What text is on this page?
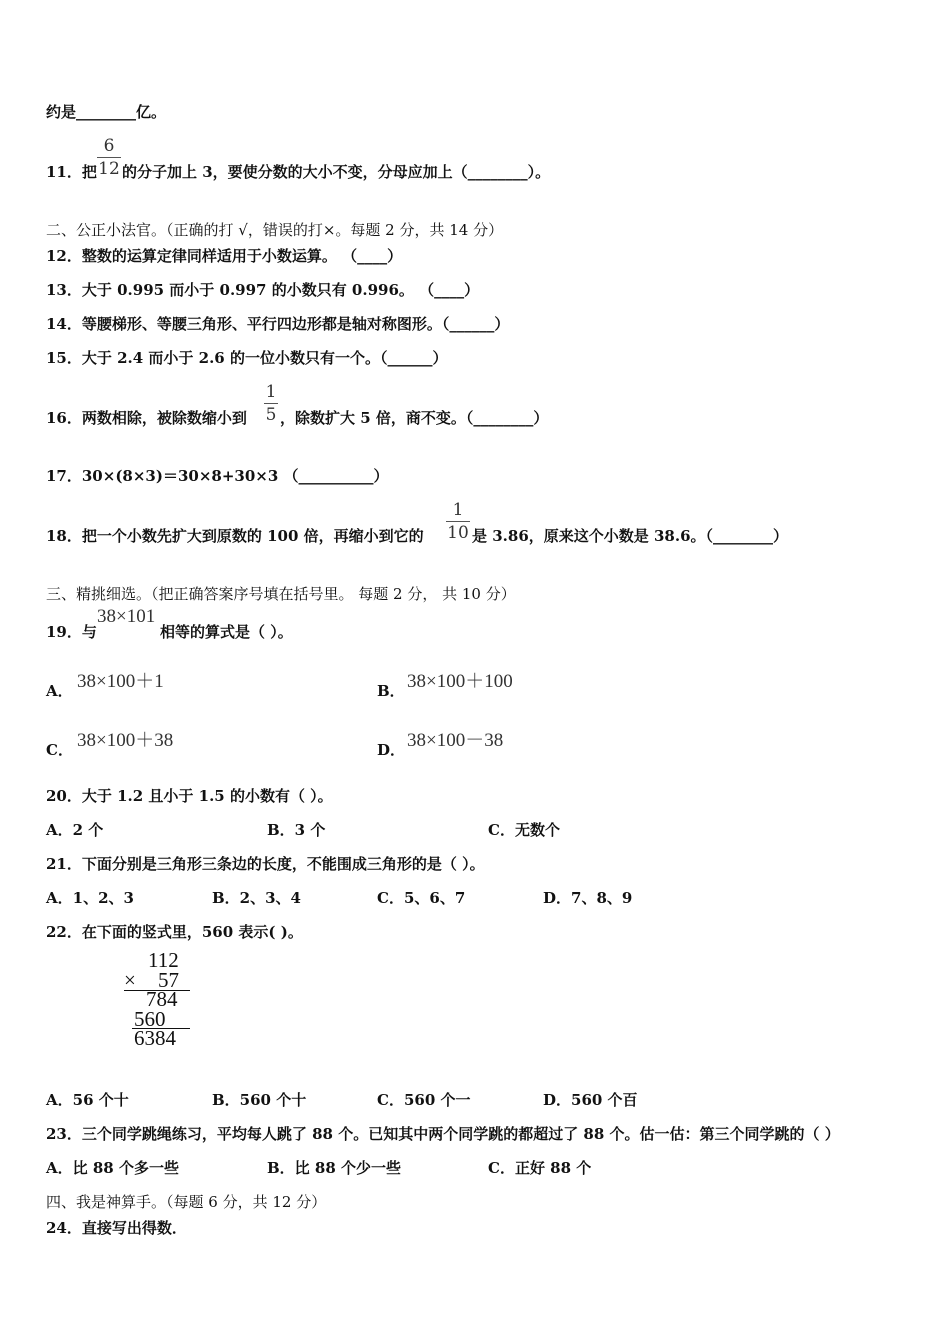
约是________亿。
11．把
6
12 的分子加上 3，要使分数的大小不变，分母应加上（________）。
二、公正小法官。（正确的打 √，错误的打×。每题 2 分，共 14 分）
12．整数的运算定律同样适用于小数运算。 （____）
13．大于 0.995 而小于 0.997 的小数只有 0.996。 （____）
14．等腰梯形、等腰三角形、平行四边形都是轴对称图形。（______）
15．大于 2.4 而小于 2.6 的一位小数只有一个。（______）
16．两数相除，被除数缩小到
1
5 ，除数扩大 5 倍，商不变。（________）
17．30×(8×3)＝30×8+30×3 （__________）
18．把一个小数先扩大到原数的 100 倍，再缩小到它的
1
10 是 3.86，原来这个小数是 38.6。（________）
三、精挑细选。（把正确答案序号填在括号里。 每题 2 分， 共 10 分）
19．与
38×101
相等的算式是（ ）。
A． 38×100＋1	B． 38×100＋100
C． 38×100＋38	D． 38×100－38
20．大于 1.2 且小于 1.5 的小数有（ ）。
A．2 个	B．3 个	C．无数个
21．下面分别是三角形三条边的长度，不能围成三角形的是（ ）。
A．1、2、3	B．2、3、4	C．5、6、7	D．7、8、9
22．在下面的竖式里，560 表示( )。
112
× 57
784
560
6384
A．56 个十	B．560 个十	C．560 个一	D．560 个百
23．三个同学跳绳练习，平均每人跳了 88 个。已知其中两个同学跳的都超过了 88 个。估一估：第三个同学跳的（ ）
A．比 88 个多一些	B．比 88 个少一些	C．正好 88 个
四、我是神算手。（每题 6 分，共 12 分）
24．直接写出得数．
